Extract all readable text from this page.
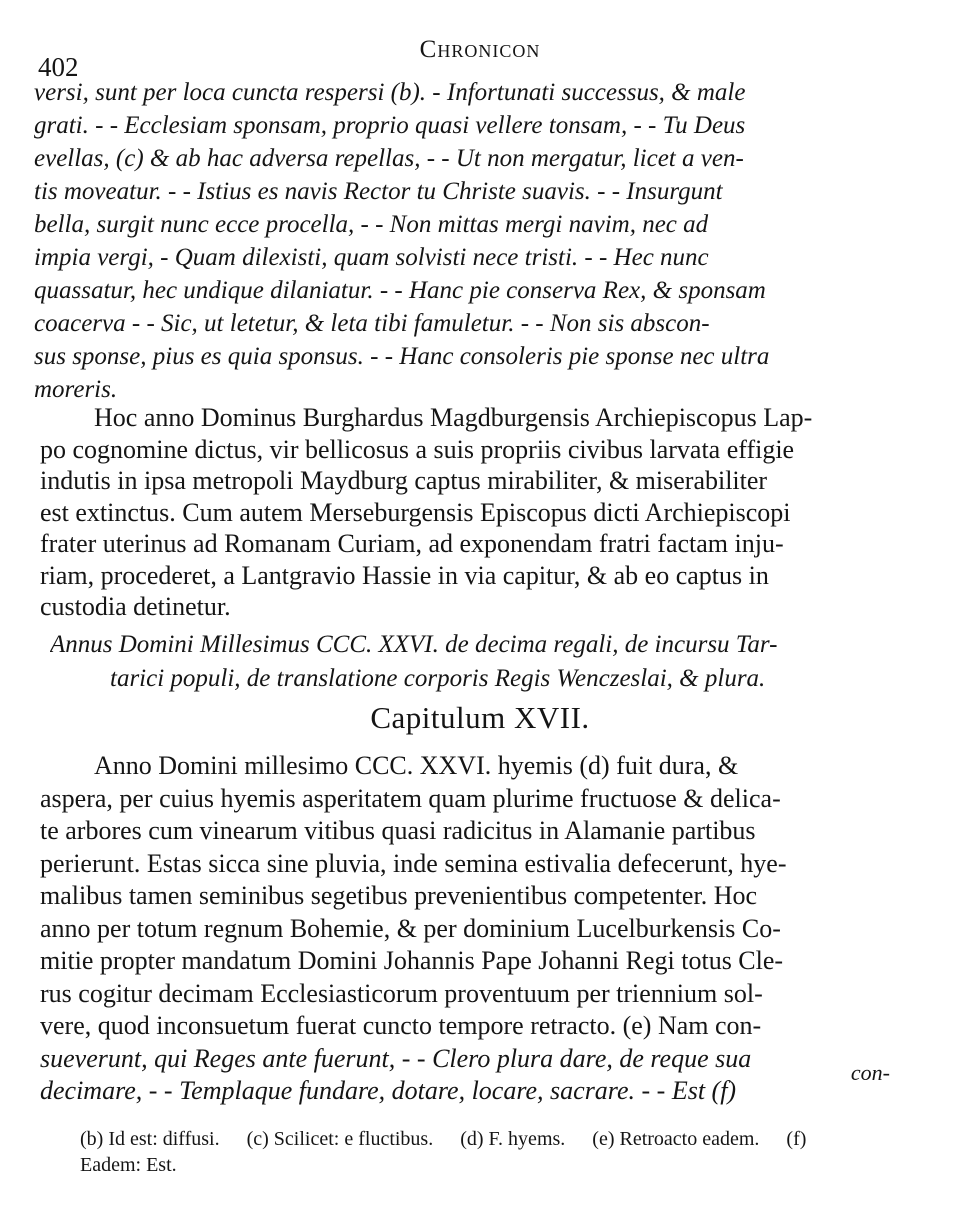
402
Chronicon
versi, sunt per loca cuncta respersi (b). - Infortunati successus, & male
grati. - - Ecclesiam sponsam, proprio quasi vellere tonsam, - - Tu Deus
evellas, (c) & ab hac adversa repellas, - - Ut non mergatur, licet a ven-
tis moveatur. - - Istius es navis Rector tu Christe suavis. - - Insurgunt
bella, surgit nunc ecce procella, - - Non mittas mergi navim, nec ad
impia vergi, - Quam dilexisti, quam solvisti nece tristi. - - Hec nunc
quassatur, hec undique dilaniatur. - - Hanc pie conserva Rex, & sponsam
coacerva - - Sic, ut letetur, & leta tibi famuletur. - - Non sis abscon-
sus sponse, pius es quia sponsus. - - Hanc consoleris pie sponse nec ultra
moreris.
Hoc anno Dominus Burghardus Magdburgensis Archiepiscopus Lap-
po cognomine dictus, vir bellicosus a suis propriis civibus larvata effigie
indutis in ipsa metropoli Maydburg captus mirabiliter, & miserabiliter
est extinctus. Cum autem Merseburgensis Episcopus dicti Archiepiscopi
frater uterinus ad Romanam Curiam, ad exponendam fratri factam inju-
riam, procederet, a Lantgravio Hassie in via capitur, & ab eo captus in
custodia detinetur.
Annus Domini Millesimus CCC. XXVI. de decima regali, de incursu Tar-
tarici populi, de translatione corporis Regis Wenczeslai, & plura.
Capitulum XVII.
Anno Domini millesimo CCC. XXVI. hyemis (d) fuit dura, &
aspera, per cuius hyemis asperitatem quam plurime fructuose & delica-
te arbores cum vinearum vitibus quasi radicitus in Alamanie partibus
perierunt. Estas sicca sine pluvia, inde semina estivalia defecerunt, hye-
malibus tamen seminibus segetibus prevenientibus competenter. Hoc
anno per totum regnum Bohemie, & per dominium Lucelburkensis Co-
mitie propter mandatum Domini Johannis Pape Johanni Regi totus Cle-
rus cogitur decimam Ecclesiasticorum proventuum per triennium sol-
vere, quod inconsuetum fuerat cuncto tempore retracto. (e) Nam con-
sueverunt, qui Reges ante fuerunt, - - Clero plura dare, de reque sua
decimare, - - Templaque fundare, dotare, locare, sacrare. - - Est (f)
con-
(b) Id est: diffusi. (c) Scilicet: e fluctibus. (d) F. hyems. (e) Retroacto eadem. (f)
Eadem: Est.
